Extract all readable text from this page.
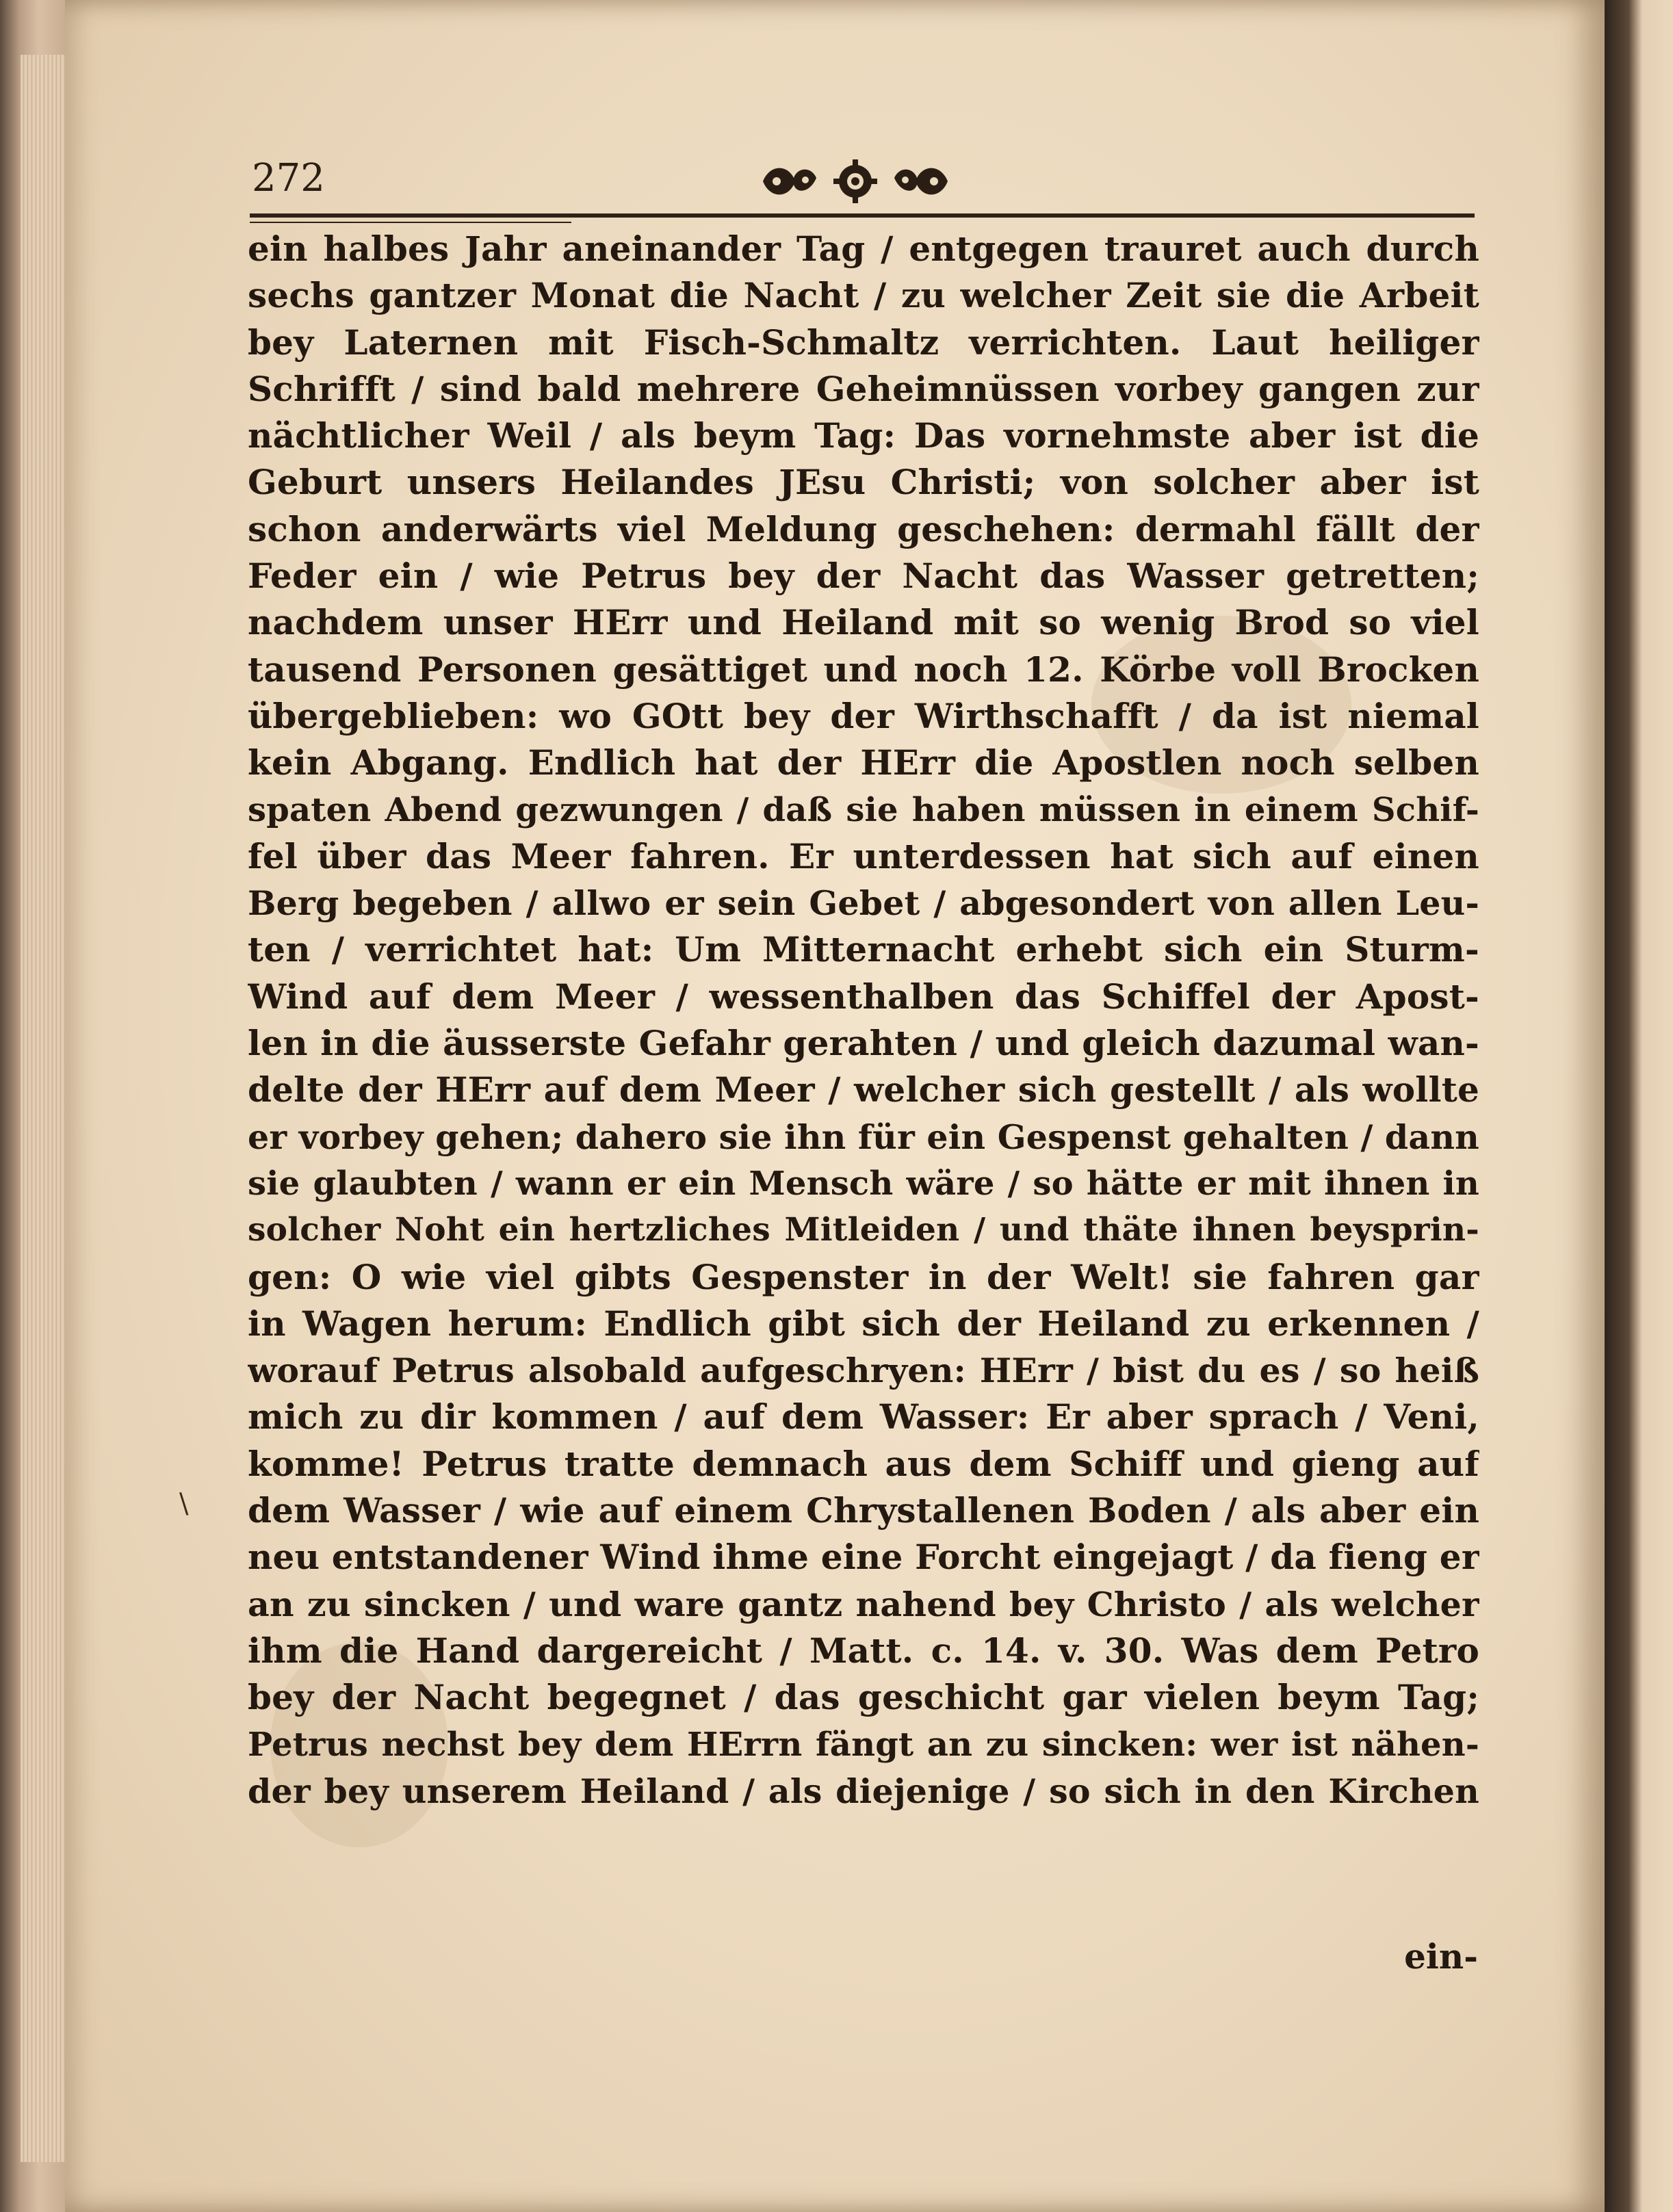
272
ein halbes Jahr aneinander Tag / entgegen trauret auch durch
sechs gantzer Monat die Nacht / zu welcher Zeit sie die Arbeit
bey Laternen mit Fisch-Schmaltz verrichten. Laut heiliger
Schrifft / sind bald mehrere Geheimnüssen vorbey gangen zur
nächtlicher Weil / als beym Tag: Das vornehmste aber ist die
Geburt unsers Heilandes JEsu Christi; von solcher aber ist
schon anderwärts viel Meldung geschehen: dermahl fällt der
Feder ein / wie Petrus bey der Nacht das Wasser getretten;
nachdem unser HErr und Heiland mit so wenig Brod so viel
tausend Personen gesättiget und noch 12. Körbe voll Brocken
übergeblieben: wo GOtt bey der Wirthschafft / da ist niemal
kein Abgang. Endlich hat der HErr die Apostlen noch selben
spaten Abend gezwungen / daß sie haben müssen in einem Schif-
fel über das Meer fahren. Er unterdessen hat sich auf einen
Berg begeben / allwo er sein Gebet / abgesondert von allen Leu-
ten / verrichtet hat: Um Mitternacht erhebt sich ein Sturm-
Wind auf dem Meer / wessenthalben das Schiffel der Apost-
len in die äusserste Gefahr gerahten / und gleich dazumal wan-
delte der HErr auf dem Meer / welcher sich gestellt / als wollte
er vorbey gehen; dahero sie ihn für ein Gespenst gehalten / dann
sie glaubten / wann er ein Mensch wäre / so hätte er mit ihnen in
solcher Noht ein hertzliches Mitleiden / und thäte ihnen beysprin-
gen: O wie viel gibts Gespenster in der Welt! sie fahren gar
in Wagen herum: Endlich gibt sich der Heiland zu erkennen /
worauf Petrus alsobald aufgeschryen: HErr / bist du es / so heiß
mich zu dir kommen / auf dem Wasser: Er aber sprach / Veni,
komme! Petrus tratte demnach aus dem Schiff und gieng auf
dem Wasser / wie auf einem Chrystallenen Boden / als aber ein
neu entstandener Wind ihme eine Forcht eingejagt / da fieng er
an zu sincken / und ware gantz nahend bey Christo / als welcher
ihm die Hand dargereicht / Matt. c. 14. v. 30. Was dem Petro
bey der Nacht begegnet / das geschicht gar vielen beym Tag;
Petrus nechst bey dem HErrn fängt an zu sincken: wer ist nähen-
der bey unserem Heiland / als diejenige / so sich in den Kirchen
ein-
\
